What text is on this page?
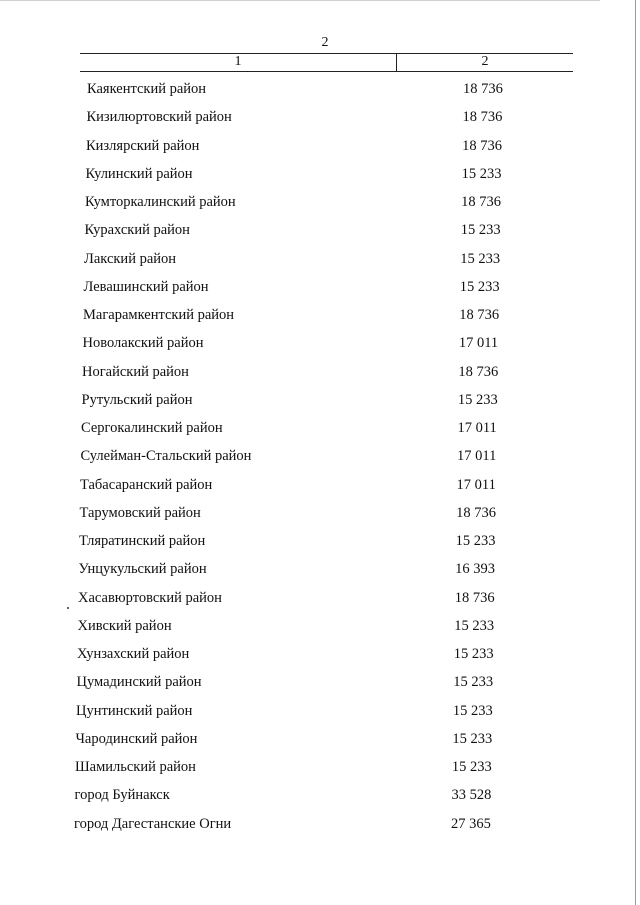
2
1	2
Каякентский район	18 736
Кизилюртовский район	18 736
Кизлярский район	18 736
Кулинский район	15 233
Кумторкалинский район	18 736
Курахский район	15 233
Лакский район	15 233
Левашинский район	15 233
Магарамкентский район	18 736
Новолакский район	17 011
Ногайский район	18 736
Рутульский район	15 233
Сергокалинский район	17 011
Сулейман-Стальский район	17 011
Табасаранский район	17 011
Тарумовский район	18 736
Тляратинский район	15 233
Унцукульский район	16 393
Хасавюртовский район	18 736
Хивский район	15 233
Хунзахский район	15 233
Цумадинский район	15 233
Цунтинский район	15 233
Чародинский район	15 233
Шамильский район	15 233
город Буйнакск	33 528
город Дагестанские Огни	27 365
